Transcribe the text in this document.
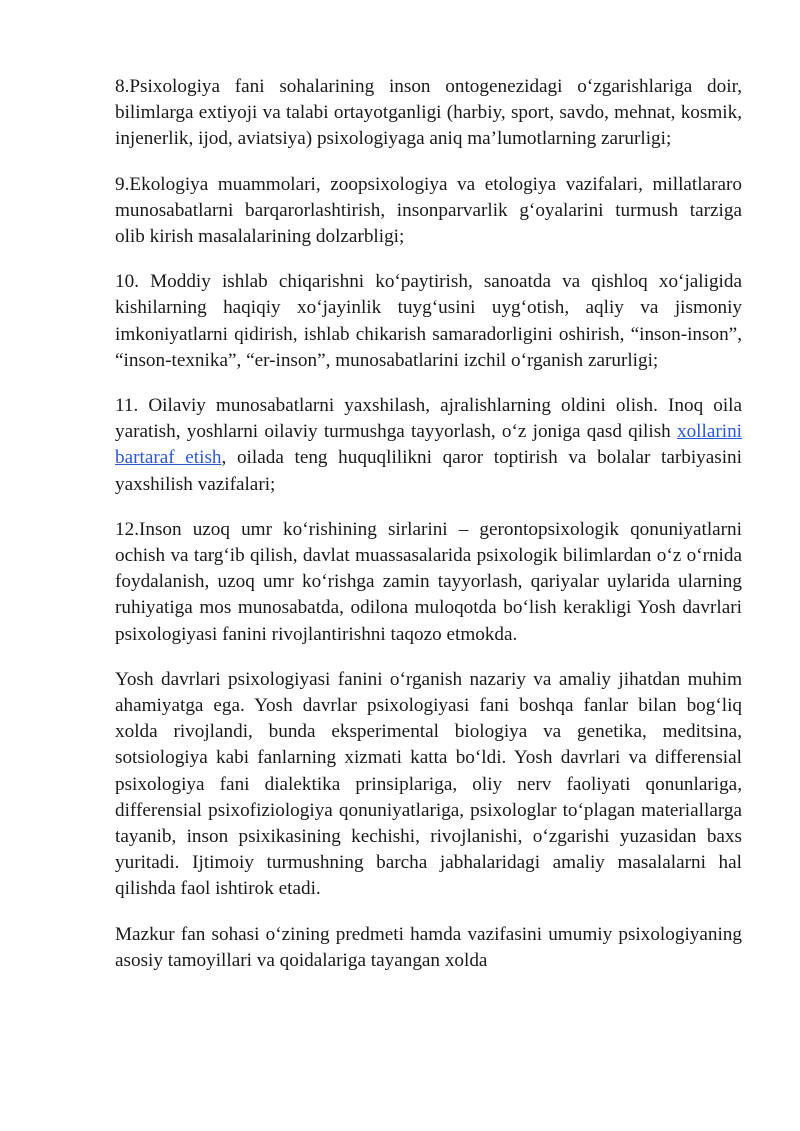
8.Psixologiya fani sohalarining inson ontogenezidagi o‘zgarishlariga doir, bilimlarga extiyoji va talabi ortayotganligi (harbiy, sport, savdo, mehnat, kosmik, injenerlik, ijod, aviatsiya) psixologiyaga aniq ma’lumotlarning zarurligi;

9.Ekologiya muammolari, zoopsixologiya va etologiya vazifalari, millatlararo munosabatlarni barqarorlashtirish, insonparvarlik g‘oyalarini turmush tarziga olib kirish masalalarining dolzarbligi;

10. Moddiy ishlab chiqarishni ko‘paytirish, sanoatda va qishloq xo‘jaligida kishilarning haqiqiy xo‘jayinlik tuyg‘usini uyg‘otish, aqliy va jismoniy imkoniyatlarni qidirish, ishlab chikarish samaradorligini oshirish, “inson-inson”, “inson-texnika”, “er-inson”, munosabatlarini izchil o‘rganish zarurligi;

11. Oilaviy munosabatlarni yaxshilash, ajralishlarning oldini olish. Inoq oila yaratish, yoshlarni oilaviy turmushga tayyorlash, o‘z joniga qasd qilish xollarini bartaraf etish, oilada teng huquqlilikni qaror toptirish va bolalar tarbiyasini yaxshilish vazifalari;

12.Inson uzoq umr ko‘rishining sirlarini – gerontopsixologik qonuniyatlarni ochish va targ‘ib qilish, davlat muassasalarida psixologik bilimlardan o‘z o‘rnida foydalanish, uzoq umr ko‘rishga zamin tayyorlash, qariyalar uylarida ularning ruhiyatiga mos munosabatda, odilona muloqotda bo‘lish kerakligi Yosh davrlari psixologiyasi fanini rivojlantirishni taqozo etmokda.

Yosh davrlari psixologiyasi fanini o‘rganish nazariy va amaliy jihatdan muhim ahamiyatga ega. Yosh davrlar psixologiyasi fani boshqa fanlar bilan bog‘liq xolda rivojlandi, bunda eksperimental biologiya va genetika, meditsina, sotsiologiya kabi fanlarning xizmati katta bo‘ldi. Yosh davrlari va differensial psixologiya fani dialektika prinsiplariga, oliy nerv faoliyati qonunlariga, differensial psixofiziologiya qonuniyatlariga, psixologlar to‘plagan materiallarga tayanib, inson psixikasining kechishi, rivojlanishi, o‘zgarishi yuzasidan baxs yuritadi. Ijtimoiy turmushning barcha jabhalaridagi amaliy masalalarni hal qilishda faol ishtirok etadi.

Mazkur fan sohasi o‘zining predmeti hamda vazifasini umumiy psixologiyaning asosiy tamoyillari va qoidalariga tayangan xolda
